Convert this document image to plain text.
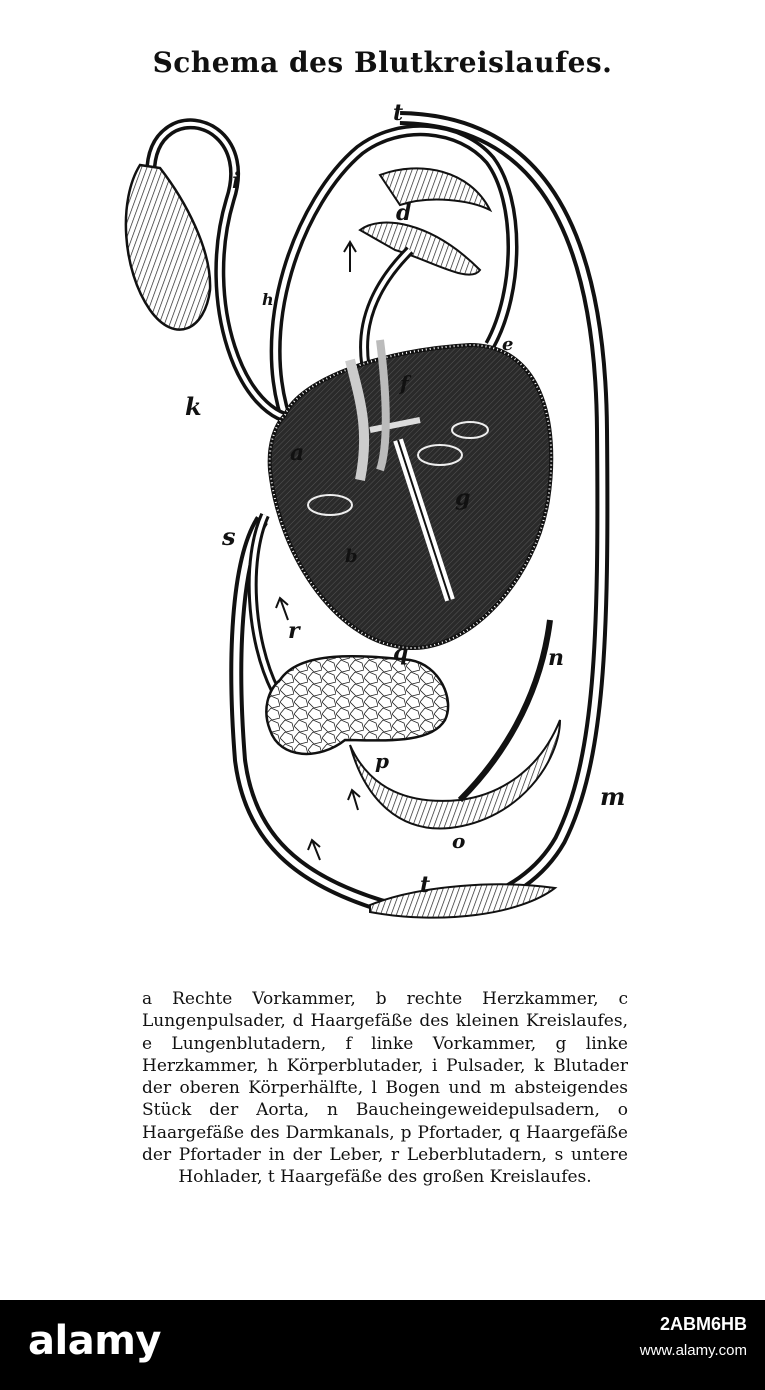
Schema des Blutkreislaufes.
t
i
d
h
e
f
k
a
b
g
s
r
q	n
p
m
o
t
a Rechte Vorkammer, b rechte Herzkammer, c Lungenpulsader, d Haargefäße des kleinen Kreislaufes, e Lungenblutadern, f linke Vorkammer, g linke Herzkammer, h Körperblutader, i Pulsader, k Blutader der oberen Körperhälfte, l Bogen und m absteigendes Stück der Aorta, n Baucheingeweidepulsadern, o Haargefäße des Darmkanals, p Pfortader, q Haargefäße der Pfortader in der Leber, r Leberblutadern, s untere Hohlader, t Haargefäße des großen Kreislaufes.
alamy	2ABM6HB
www.alamy.com
